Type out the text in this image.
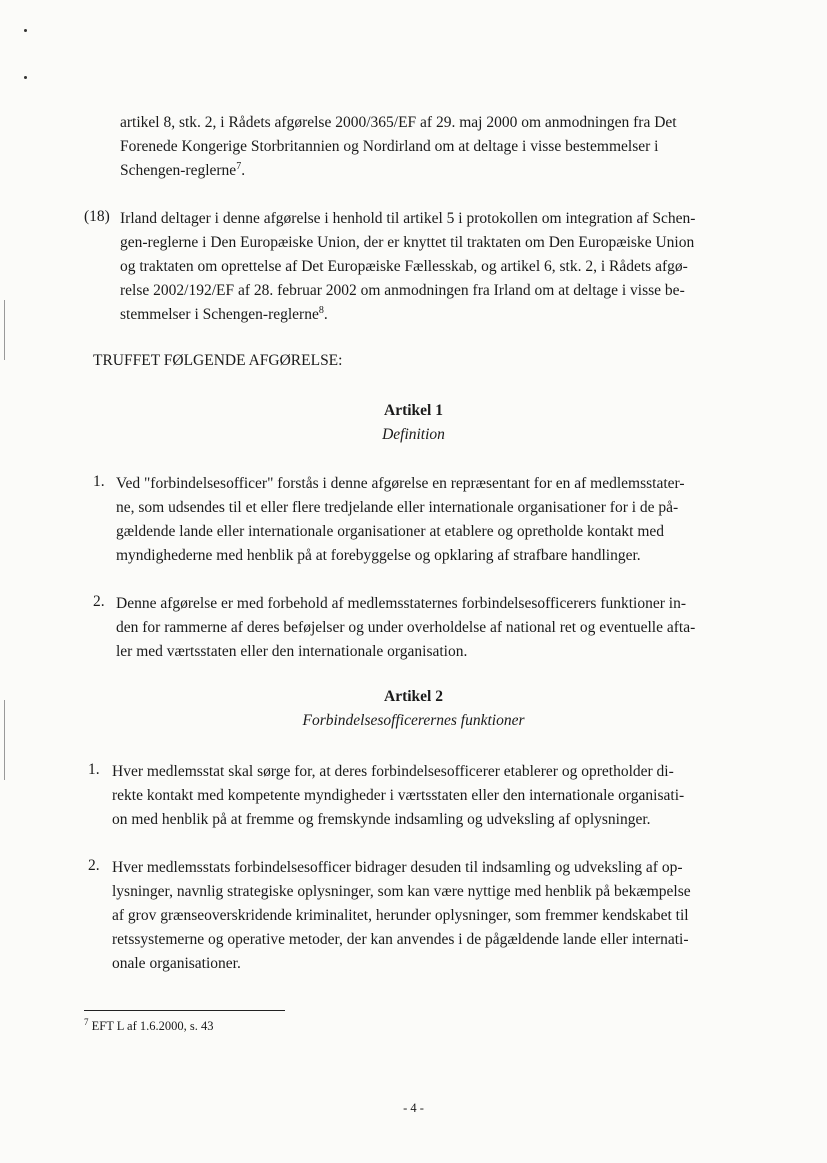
artikel 8, stk. 2, i Rådets afgørelse 2000/365/EF af 29. maj 2000 om anmodningen fra Det
Forenede Kongerige Storbritannien og Nordirland om at deltage i visse bestemmelser i
Schengen-reglerne$^7$.
(18) Irland deltager i denne afgørelse i henhold til artikel 5 i protokollen om integration af Schen-
gen-reglerne i Den Europæiske Union, der er knyttet til traktaten om Den Europæiske Union
og traktaten om oprettelse af Det Europæiske Fællesskab, og artikel 6, stk. 2, i Rådets afgø-
relse 2002/192/EF af 28. februar 2002 om anmodningen fra Irland om at deltage i visse be-
stemmelser i Schengen-reglerne$^8$.
TRUFFET FØLGENDE AFGØRELSE:
Artikel 1
Definition
1. Ved "forbindelsesofficer" forstås i denne afgørelse en repræsentant for en af medlemsstater-
ne, som udsendes til et eller flere tredjelande eller internationale organisationer for i de på-
gældende lande eller internationale organisationer at etablere og opretholde kontakt med
myndighederne med henblik på at forebyggelse og opklaring af strafbare handlinger.
2. Denne afgørelse er med forbehold af medlemsstaternes forbindelsesofficerers funktioner in-
den for rammerne af deres beføjelser og under overholdelse af national ret og eventuelle afta-
ler med værtsstaten eller den internationale organisation.
Artikel 2
Forbindelsesofficerernes funktioner
1. Hver medlemsstat skal sørge for, at deres forbindelsesofficerer etablerer og opretholder di-
rekte kontakt med kompetente myndigheder i værtsstaten eller den internationale organisati-
on med henblik på at fremme og fremskynde indsamling og udveksling af oplysninger.
2. Hver medlemsstats forbindelsesofficer bidrager desuden til indsamling og udveksling af op-
lysninger, navnlig strategiske oplysninger, som kan være nyttige med henblik på bekæmpelse
af grov grænseoverskridende kriminalitet, herunder oplysninger, som fremmer kendskabet til
retssystemerne og operative metoder, der kan anvendes i de pågældende lande eller internati-
onale organisationer.
$^7$ EFT L af 1.6.2000, s. 43
- 4 -
